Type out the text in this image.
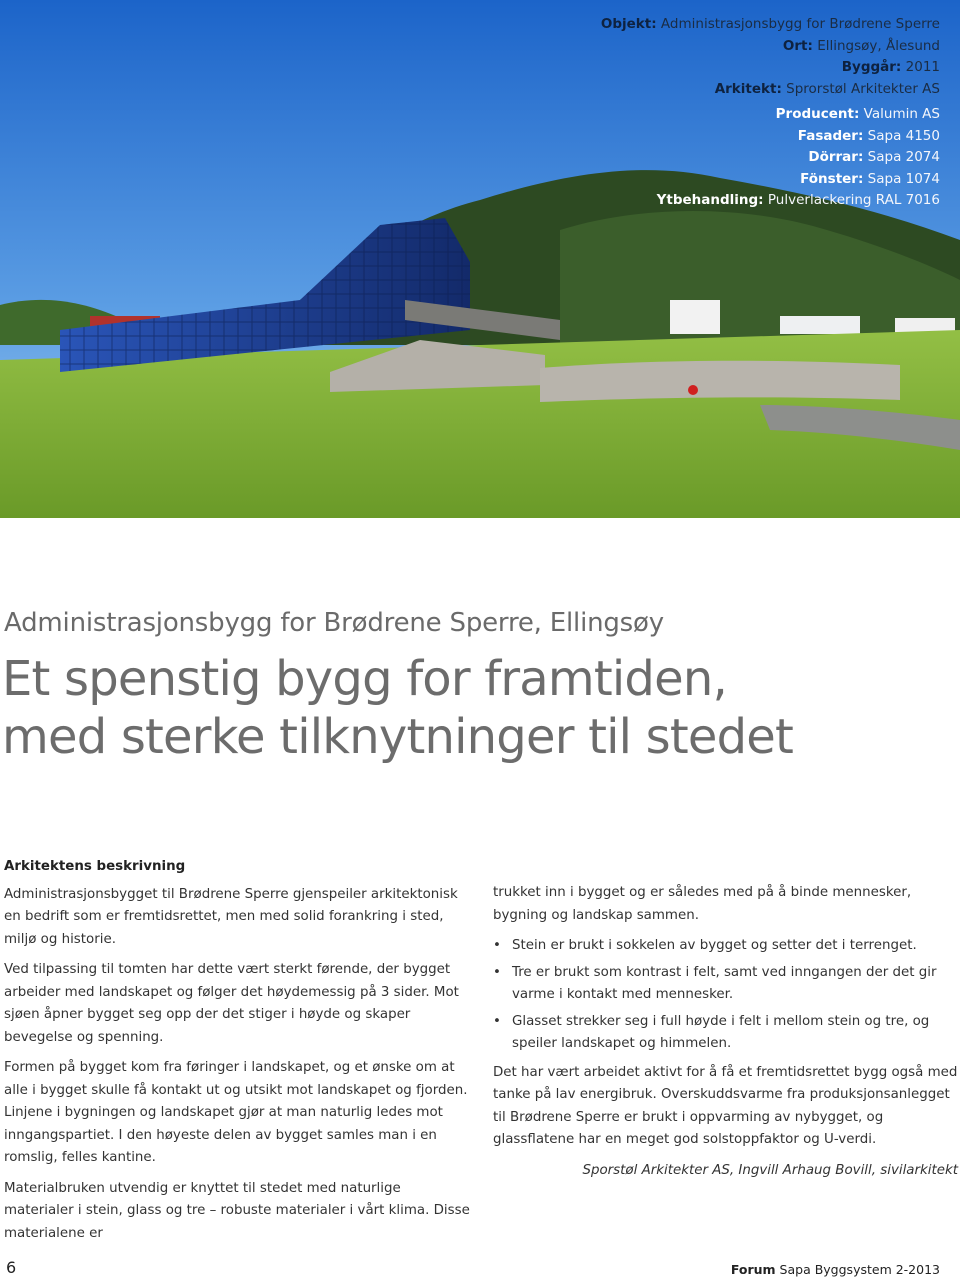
Objekt: Administrasjonsbygg for Brødrene Sperre
Ort: Ellingsøy, Ålesund
Byggår: 2011
Arkitekt: Sprorstøl Arkitekter AS
Producent: Valumin AS
Fasader: Sapa 4150
Dörrar: Sapa 2074
Fönster: Sapa 1074
Ytbehandling: Pulverlackering RAL 7016
Administrasjonsbygg for Brødrene Sperre, Ellingsøy
Et spenstig bygg for framtiden,
med sterke tilknytninger til stedet
Arkitektens beskrivning

Administrasjonsbygget til Brødrene Sperre gjenspeiler arkitektonisk en bedrift som er fremtidsrettet, men med solid forankring i sted, miljø og historie.

Ved tilpassing til tomten har dette vært sterkt førende, der bygget arbeider med landskapet og følger det høydemessig på 3 sider. Mot sjøen åpner bygget seg opp der det stiger i høyde og skaper bevegelse og spenning.

Formen på bygget kom fra føringer i landskapet, og et ønske om at alle i bygget skulle få kontakt ut og utsikt mot landskapet og fjorden. Linjene i bygningen og landskapet gjør at man naturlig ledes mot inngangspartiet. I den høyeste delen av bygget samles man i en romslig, felles kantine.

Materialbruken utvendig er knyttet til stedet med naturlige materialer i stein, glass og tre – robuste materialer i vårt klima. Disse materialene er

trukket inn i bygget og er således med på å binde mennesker, bygning og landskap sammen.

• Stein er brukt i sokkelen av bygget og setter det i terrenget.
• Tre er brukt som kontrast i felt, samt ved inngangen der det gir varme i kontakt med mennesker.
• Glasset strekker seg i full høyde i felt i mellom stein og tre, og speiler landskapet og himmelen.

Det har vært arbeidet aktivt for å få et fremtidsrettet bygg også med tanke på lav energibruk. Overskuddsvarme fra produksjonsanlegget til Brødrene Sperre er brukt i oppvarming av nybygget, og glassflatene har en meget god solstoppfaktor og U-verdi.

Sporstøl Arkitekter AS, Ingvill Arhaug Bovill, sivilarkitekt
6	Forum Sapa Byggsystem 2-2013
